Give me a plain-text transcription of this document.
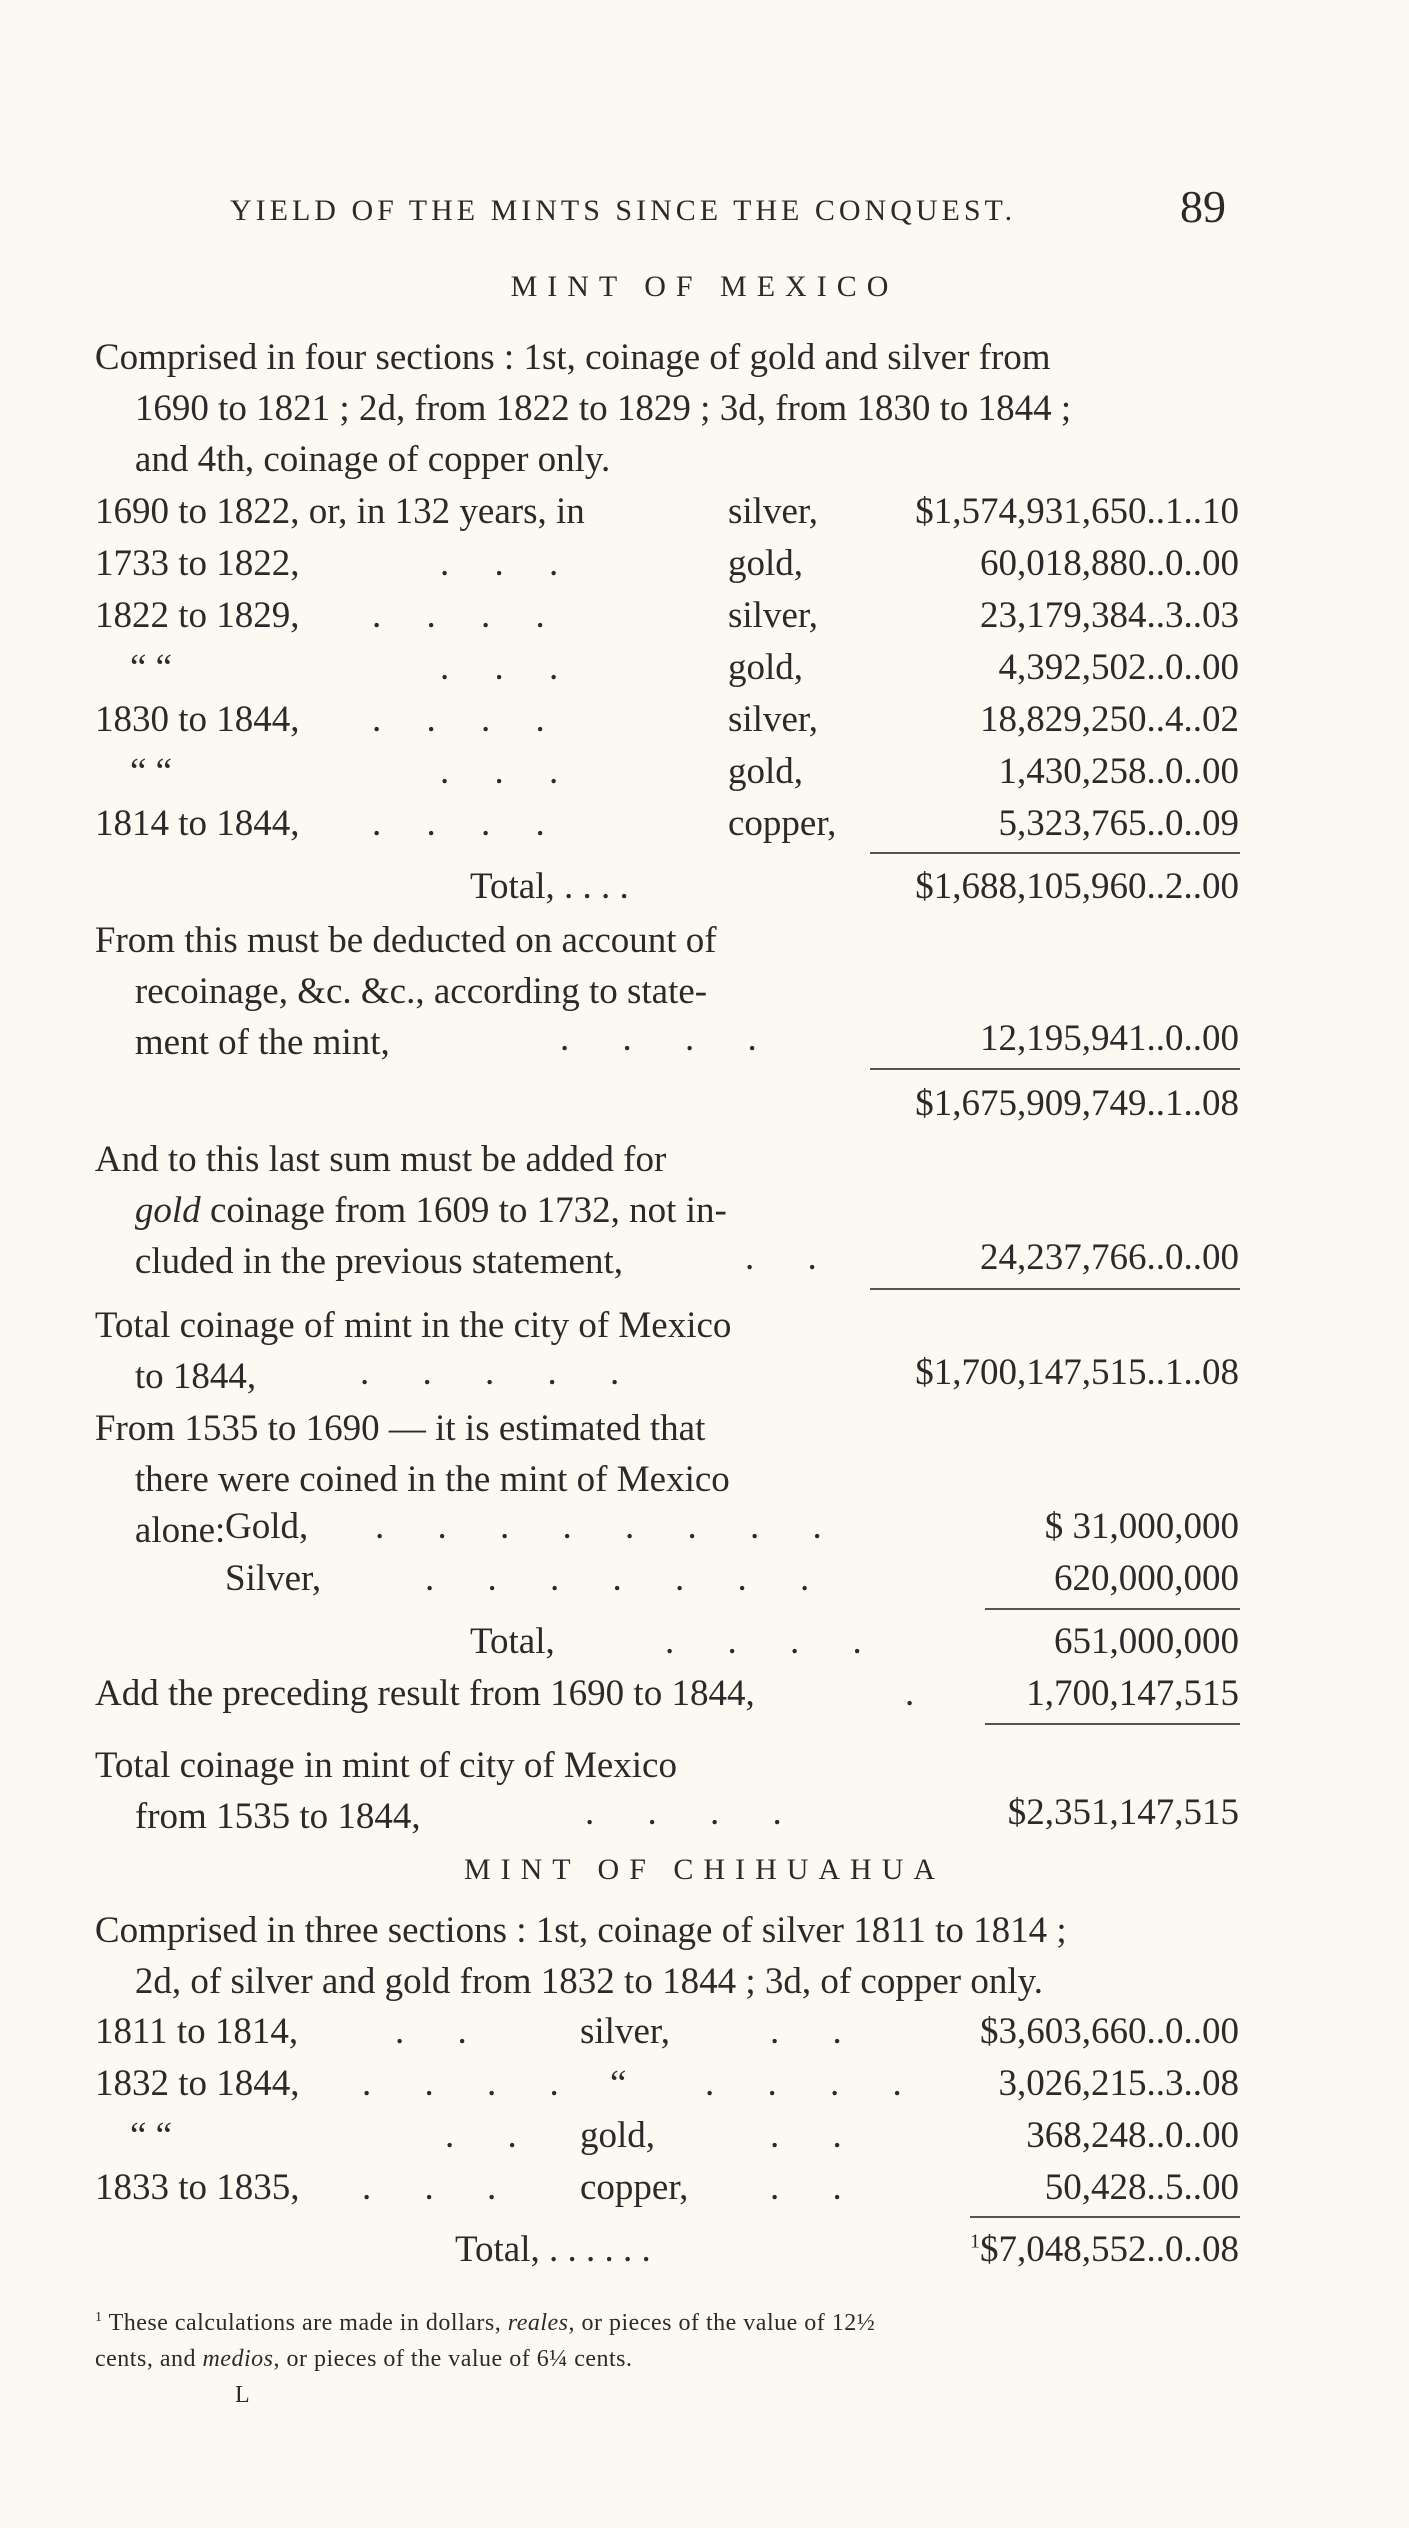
YIELD OF THE MINTS SINCE THE CONQUEST.	89
MINT OF MEXICO
Comprised in four sections : 1st, coinage of gold and silver from
1690 to 1821 ; 2d, from 1822 to 1829 ; 3d, from 1830 to 1844 ;
and 4th, coinage of copper only.
1690 to 1822, or, in 132 years, in	silver,	$1,574,931,650..1..10
1733 to 1822,	. . .	gold,	60,018,880..0..00
1822 to 1829, . . . .	silver,	23,179,384..3..03
“ “	. . .	gold,	4,392,502..0..00
1830 to 1844, . . . .	silver,	18,829,250..4..02
“ “	. . .	gold,	1,430,258..0..00
1814 to 1844, . . . .	copper,	5,323,765..0..09
Total, . . . .	$1,688,105,960..2..00
From this must be deducted on account of
recoinage, &c. &c., according to state-
ment of the mint,	. . . .	12,195,941..0..00
$1,675,909,749..1..08
And to this last sum must be added for
gold coinage from 1609 to 1732, not in-
cluded in the previous statement,	. .	24,237,766..0..00
Total coinage of mint in the city of Mexico
to 1844,	. . . . .	$1,700,147,515..1..08
From 1535 to 1690 — it is estimated that
there were coined in the mint of Mexico
alone: Gold, . . . . . . . .	$ 31,000,000
Silver,	. . . . . . .	620,000,000
Total,	. . . .	651,000,000
Add the preceding result from 1690 to 1844,	.	1,700,147,515
Total coinage in mint of city of Mexico
from 1535 to 1844,	. . . .	$2,351,147,515
MINT OF CHIHUAHUA
Comprised in three sections : 1st, coinage of silver 1811 to 1814 ;
2d, of silver and gold from 1832 to 1844 ; 3d, of copper only.
1811 to 1814,	. . silver,	. .	$3,603,660..0..00
1832 to 1844, . . . . “ . . . . 3,026,215..3..08
“ “	. . gold,	. .	368,248..0..00
1833 to 1835, . . . copper, . .	50,428..5..00
Total, . . . . . .	$^1$\$7,048,552..0..08
$^1$ These calculations are made in dollars, reales, or pieces of the value of 12½
cents, and medios, or pieces of the value of 6¼ cents.
L
